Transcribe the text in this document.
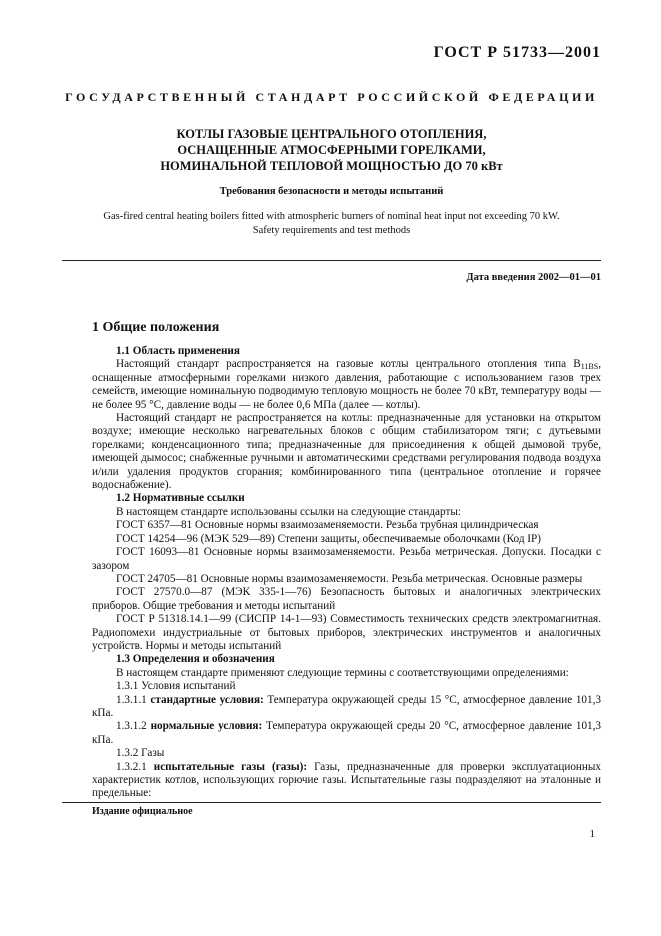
ГОСТ Р 51733—2001
ГОСУДАРСТВЕННЫЙ СТАНДАРТ РОССИЙСКОЙ ФЕДЕРАЦИИ
КОТЛЫ ГАЗОВЫЕ ЦЕНТРАЛЬНОГО ОТОПЛЕНИЯ,
ОСНАЩЕННЫЕ АТМОСФЕРНЫМИ ГОРЕЛКАМИ,
НОМИНАЛЬНОЙ ТЕПЛОВОЙ МОЩНОСТЬЮ ДО 70 кВт
Требования безопасности и методы испытаний
Gas-fired central heating boilers fitted with atmospheric burners of nominal heat input not exceeding 70 kW.
Safety requirements and test methods
Дата введения 2002—01—01
1 Общие положения

1.1 Область применения

Настоящий стандарт распространяется на газовые котлы центрального отопления типа $B_{11BS}$, оснащенные атмосферными горелками низкого давления, работающие с использованием газов трех семейств, имеющие номинальную подводимую тепловую мощность не более 70 кВт, температуру воды — не более 95 °С, давление воды — не более 0,6 МПа (далее — котлы).

Настоящий стандарт не распространяется на котлы: предназначенные для установки на открытом воздухе; имеющие несколько нагревательных блоков с общим стабилизатором тяги; с дутьевыми горелками; конденсационного типа; предназначенные для присоединения к общей дымовой трубе, имеющей дымосос; снабженные ручными и автоматическими средствами регулирования подвода воздуха и/или удаления продуктов сгорания; комбинированного типа (центральное отопление и горячее водоснабжение).

1.2 Нормативные ссылки

В настоящем стандарте использованы ссылки на следующие стандарты:

ГОСТ 6357—81 Основные нормы взаимозаменяемости. Резьба трубная цилиндрическая

ГОСТ 14254—96 (МЭК 529—89) Степени защиты, обеспечиваемые оболочками (Код IP)

ГОСТ 16093—81 Основные нормы взаимозаменяемости. Резьба метрическая. Допуски. Посадки с зазором

ГОСТ 24705—81 Основные нормы взаимозаменяемости. Резьба метрическая. Основные размеры

ГОСТ 27570.0—87 (МЭК 335-1—76) Безопасность бытовых и аналогичных электрических приборов. Общие требования и методы испытаний

ГОСТ Р 51318.14.1—99 (СИСПР 14-1—93) Совместимость технических средств электромагнитная. Радиопомехи индустриальные от бытовых приборов, электрических инструментов и аналогичных устройств. Нормы и методы испытаний

1.3 Определения и обозначения

В настоящем стандарте применяют следующие термины с соответствующими определениями:

1.3.1 Условия испытаний

1.3.1.1 стандартные условия: Температура окружающей среды 15 °С, атмосферное давление 101,3 кПа.

1.3.1.2 нормальные условия: Температура окружающей среды 20 °С, атмосферное давление 101,3 кПа.

1.3.2 Газы

1.3.2.1 испытательные газы (газы): Газы, предназначенные для проверки эксплуатационных характеристик котлов, использующих горючие газы. Испытательные газы подразделяют на эталонные и предельные:

Издание официальное
1
